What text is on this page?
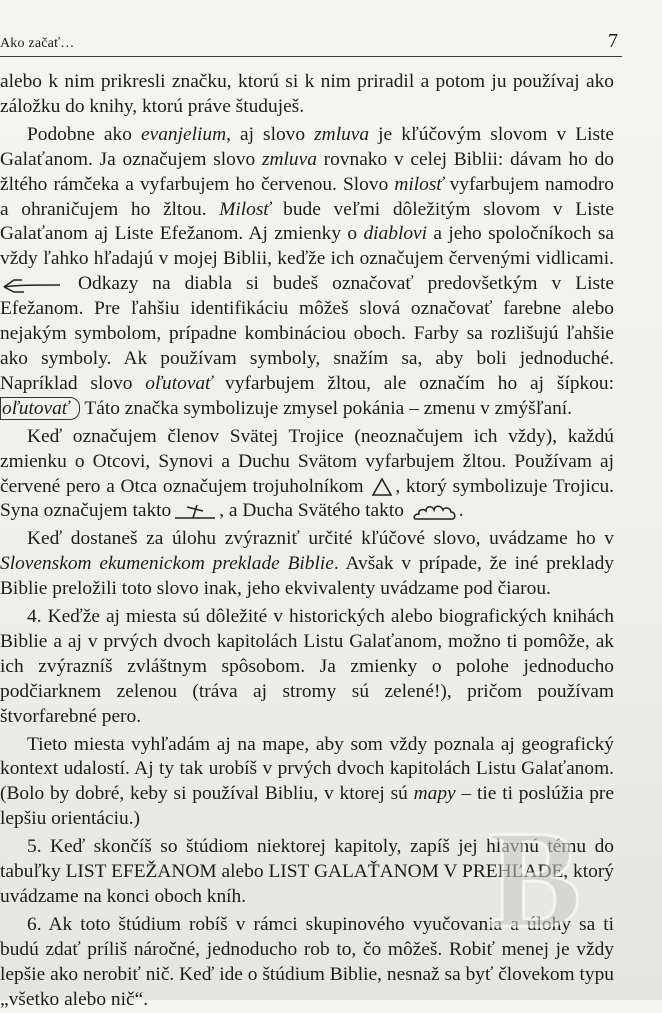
Ako začať…	7

alebo k nim prikresli značku, ktorú si k nim priradil a potom ju používaj ako záložku do knihy, ktorú práve študuješ.

Podobne ako evanjelium, aj slovo zmluva je kľúčovým slovom v Liste Galaťanom. Ja označujem slovo zmluva rovnako v celej Biblii: dávam ho do žltého rámčeka a vyfarbujem ho červenou. Slovo milosť vyfarbujem namodro a ohraničujem ho žltou. Milosť bude veľmi dôležitým slovom v Liste Galaťanom aj Liste Efežanom. Aj zmienky o diablovi a jeho spoločníkoch sa vždy ľahko hľadajú v mojej Biblii, keďže ich označujem červenými vidlicami.
Odkazy na diabla si budeš označovať predovšetkým v Liste Efežanom. Pre ľahšiu identifikáciu môžeš slová označovať farebne alebo nejakým symbolom, prípadne kombináciou oboch. Farby sa rozlišujú ľahšie ako symboly. Ak používam symboly, snažím sa, aby boli jednoduché. Napríklad slovo oľutovať vyfarbujem žltou, ale označím ho aj šípkou: oľutovať Táto značka symbolizuje zmysel pokánia – zmenu v zmýšľaní.

Keď označujem členov Svätej Trojice (neoznačujem ich vždy), každú zmienku o Otcovi, Synovi a Duchu Svätom vyfarbujem žltou. Používam aj červené pero a Otca označujem trojuholníkom
, ktorý symbolizuje Trojicu. Syna označujem takto , a Ducha Svätého takto	.

Keď dostaneš za úlohu zvýrazniť určité kľúčové slovo, uvádzame ho v Slovenskom ekumenickom preklade Biblie. Avšak v prípade, že iné preklady Biblie preložili toto slovo inak, jeho ekvivalenty uvádzame pod čiarou.

4. Keďže aj miesta sú dôležité v historických alebo biografických knihách Biblie a aj v prvých dvoch kapitolách Listu Galaťanom, možno ti pomôže, ak ich zvýrazníš zvláštnym spôsobom. Ja zmienky o polohe jednoducho podčiarknem zelenou (tráva aj stromy sú zelené!), pričom používam štvorfarebné pero.

Tieto miesta vyhľadám aj na mape, aby som vždy poznala aj geografický kontext udalostí. Aj ty tak urobíš v prvých dvoch kapitolách Listu Galaťanom. (Bolo by dobré, keby si používal Bibliu, v ktorej sú mapy – tie ti poslúžia pre lepšiu orientáciu.)

5. Keď skončíš so štúdiom niektorej kapitoly, zapíš jej hlavnú tému do tabuľky LIST EFEŽANOM alebo LIST GALAŤANOM V PREHĽADE, ktorý uvádzame na konci oboch kníh.

6. Ak toto štúdium robíš v rámci skupinového vyučovania a úlohy sa ti budú zdať príliš náročné, jednoducho rob to, čo môžeš. Robiť menej je vždy lepšie ako nerobiť nič. Keď ide o štúdium Biblie, nesnaž sa byť človekom typu „všetko alebo nič“.

B
